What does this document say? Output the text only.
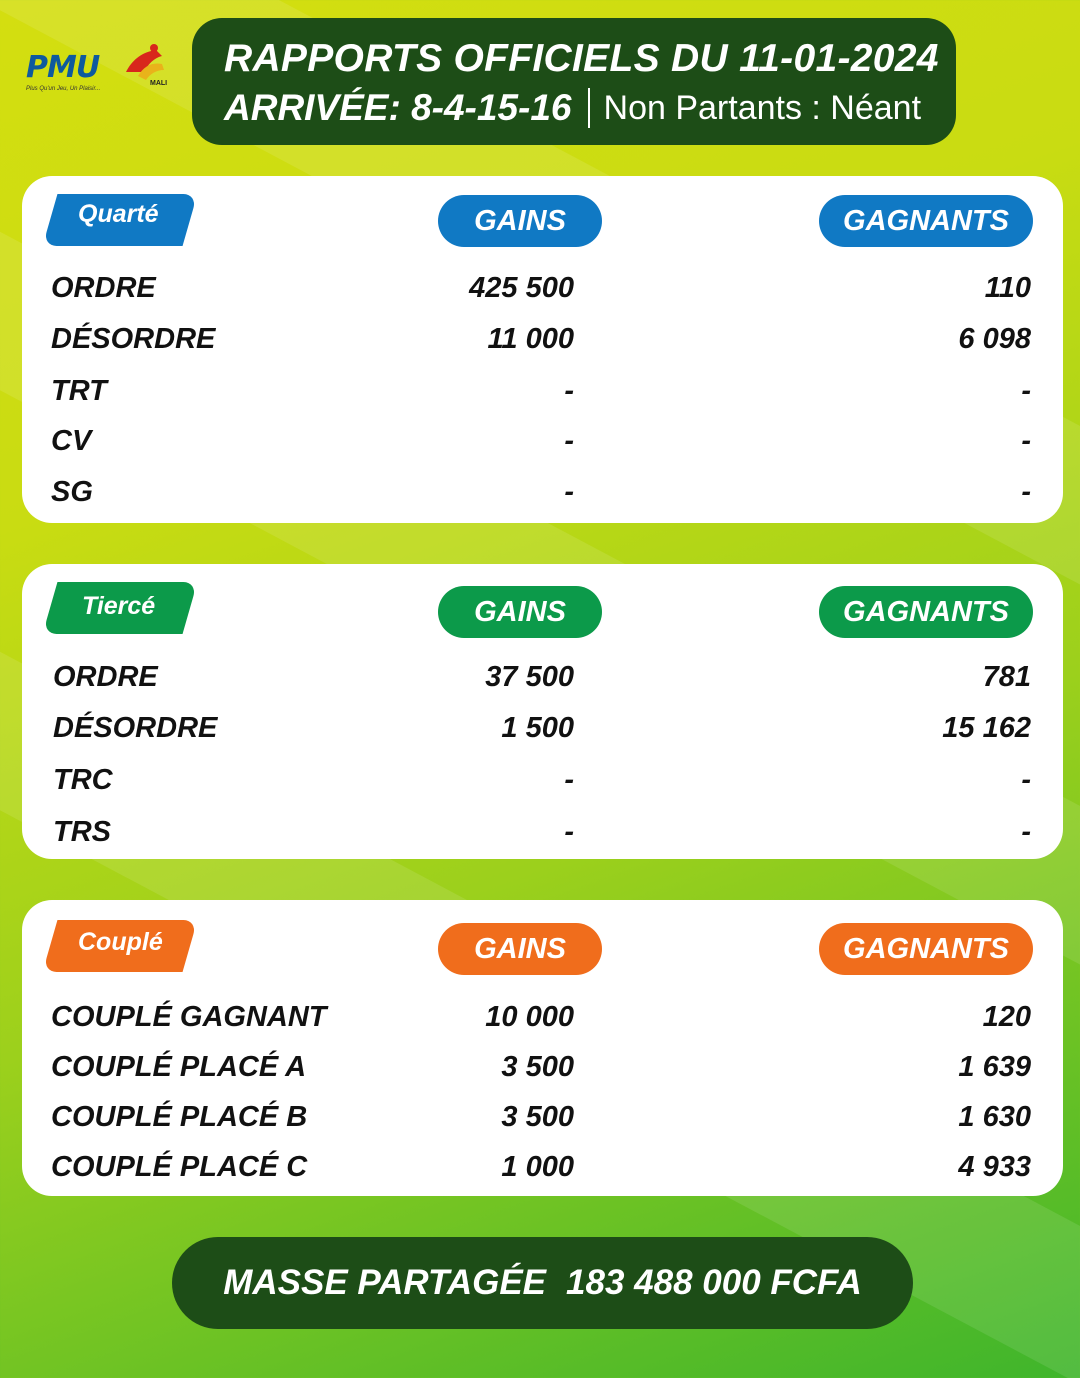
PMU
Plus Qu'un Jeu, Un Plaisir...
MALI
RAPPORTS OFFICIELS DU 11-01-2024
ARRIVÉE: 8-4-15-16 Non Partants : Néant
Quarté	GAINS	GAGNANTS
ORDRE	425 500	110
DÉSORDRE	11 000	6 098
TRT	-	-
CV	-	-
SG	-	-
Tiercé	GAINS	GAGNANTS
ORDRE	37 500	781
DÉSORDRE	1 500	15 162
TRC	-	-
TRS	-	-
Couplé	GAINS	GAGNANTS
COUPLÉ GAGNANT	10 000	120
COUPLÉ PLACÉ A	3 500	1 639
COUPLÉ PLACÉ B	3 500	1 630
COUPLÉ PLACÉ C	1 000	4 933
MASSE PARTAGÉE 183 488 000 FCFA
